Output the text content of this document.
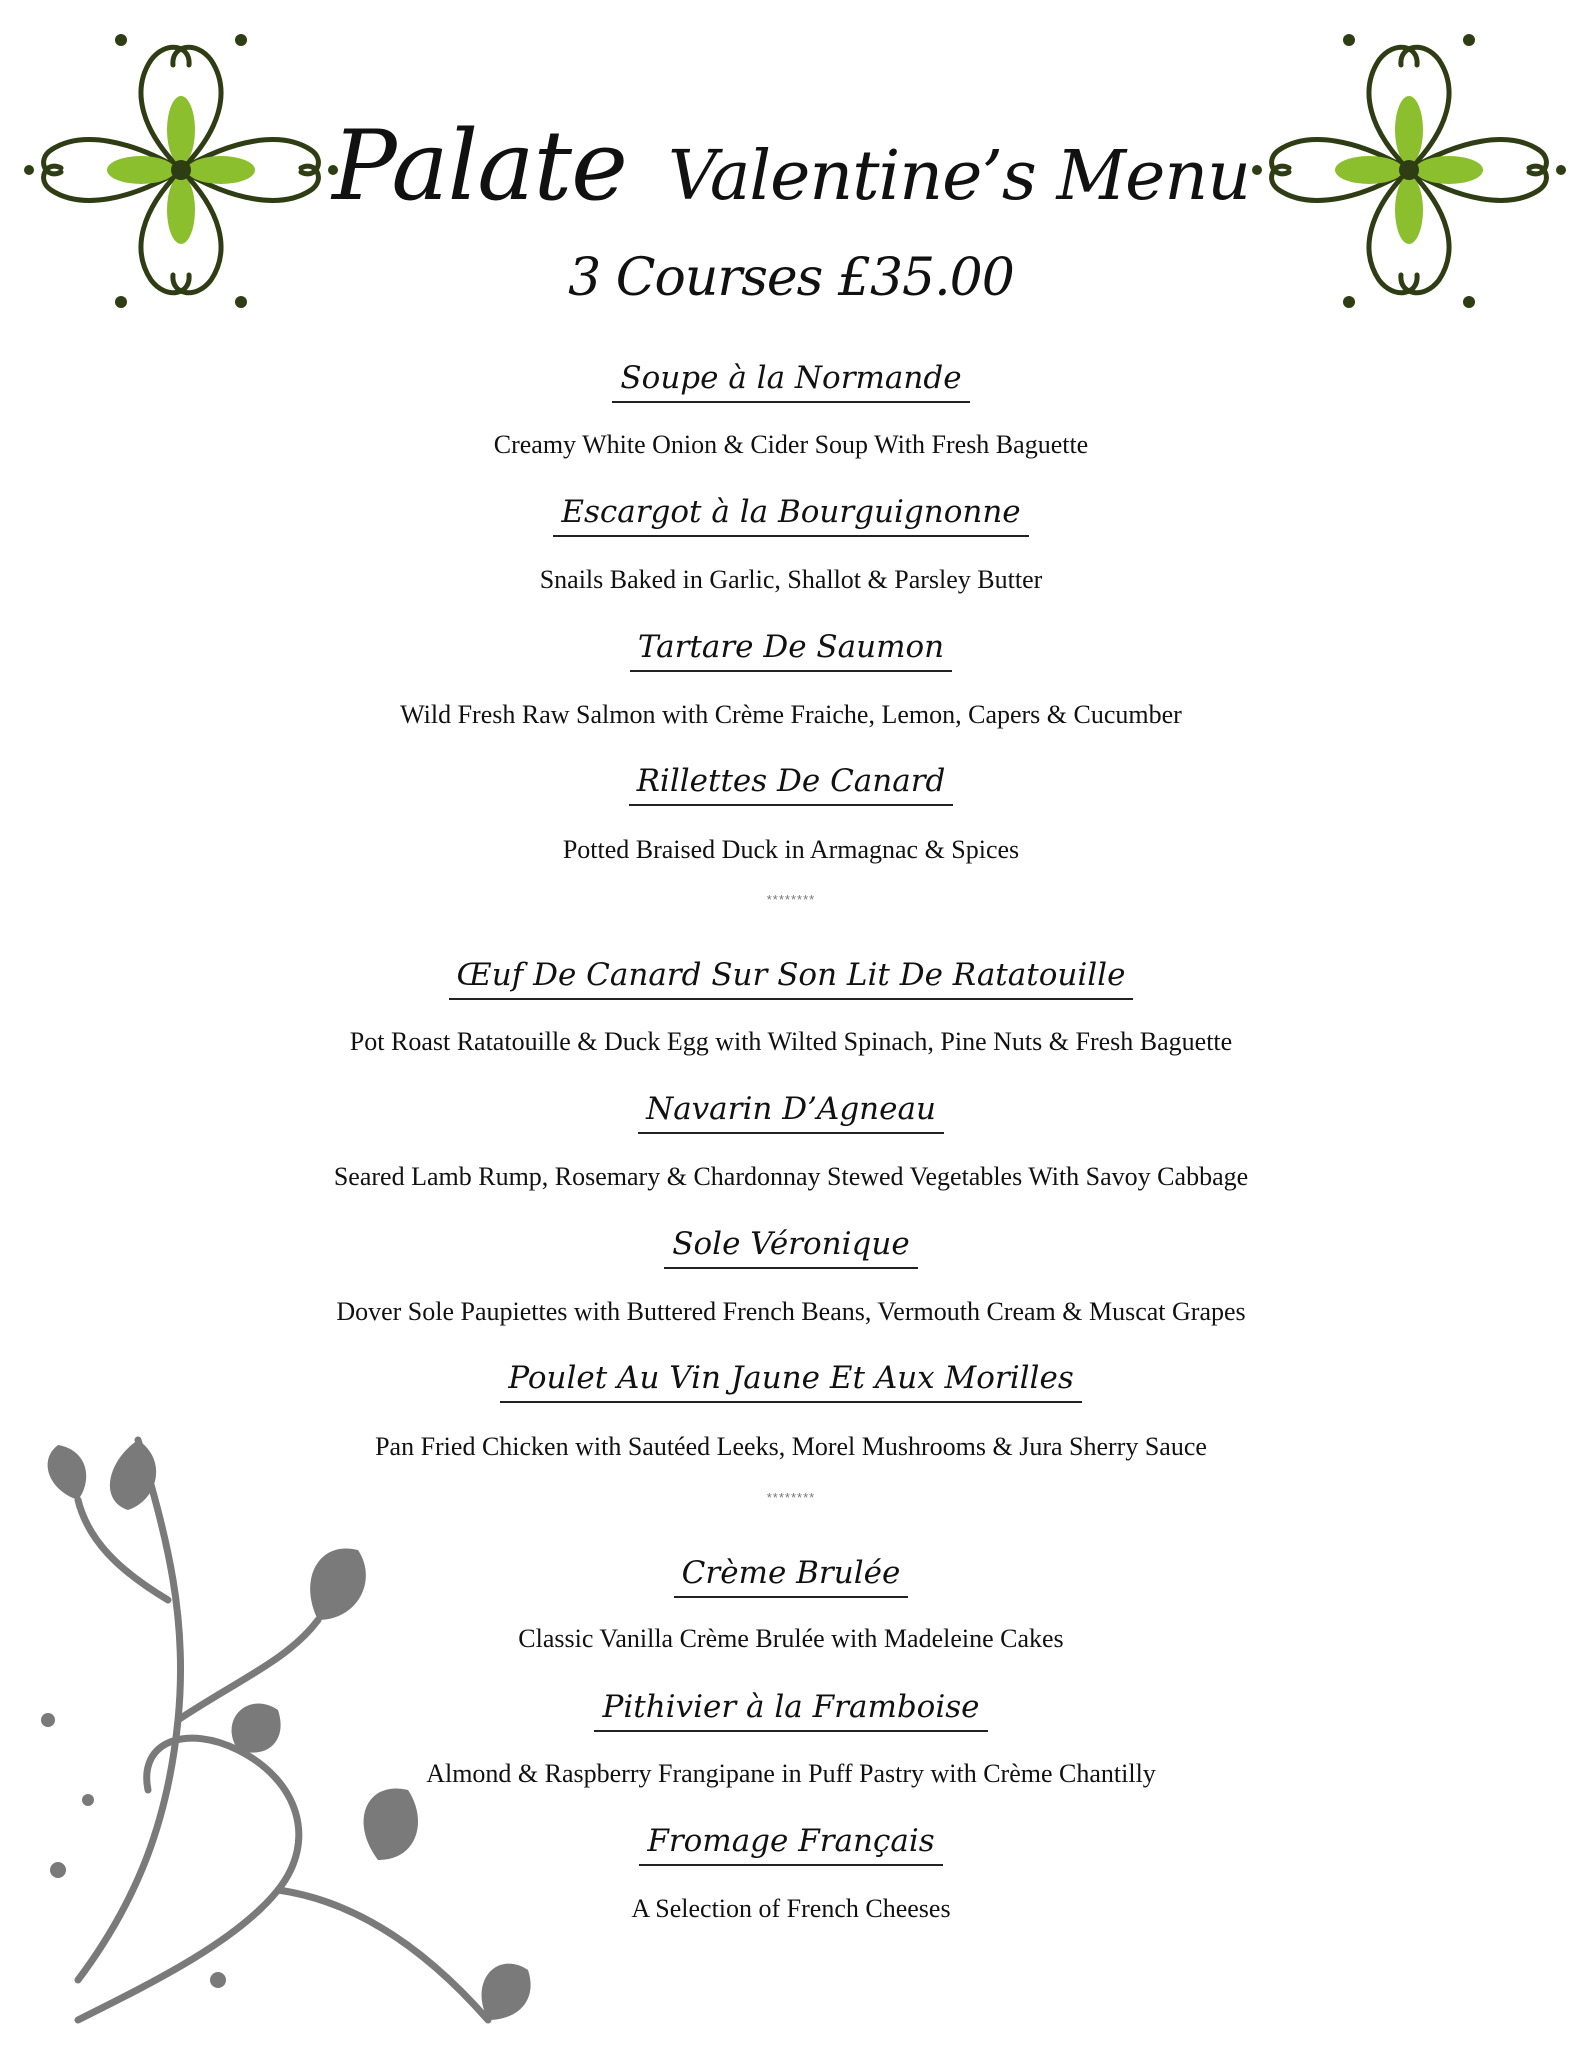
Palate Valentine’s Menu
3 Courses £35.00
Soupe à la Normande
Creamy White Onion & Cider Soup With Fresh Baguette
Escargot à la Bourguignonne
Snails Baked in Garlic, Shallot & Parsley Butter
Tartare De Saumon
Wild Fresh Raw Salmon with Crème Fraiche, Lemon, Capers & Cucumber
Rillettes De Canard
Potted Braised Duck in Armagnac & Spices
********
Œuf De Canard Sur Son Lit De Ratatouille
Pot Roast Ratatouille & Duck Egg with Wilted Spinach, Pine Nuts & Fresh Baguette
Navarin D’Agneau
Seared Lamb Rump, Rosemary & Chardonnay Stewed Vegetables With Savoy Cabbage
Sole Véronique
Dover Sole Paupiettes with Buttered French Beans, Vermouth Cream & Muscat Grapes
Poulet Au Vin Jaune Et Aux Morilles
Pan Fried Chicken with Sautéed Leeks, Morel Mushrooms & Jura Sherry Sauce
********
Crème Brulée
Classic Vanilla Crème Brulée with Madeleine Cakes
Pithivier à la Framboise
Almond & Raspberry Frangipane in Puff Pastry with Crème Chantilly
Fromage Français
A Selection of French Cheeses
